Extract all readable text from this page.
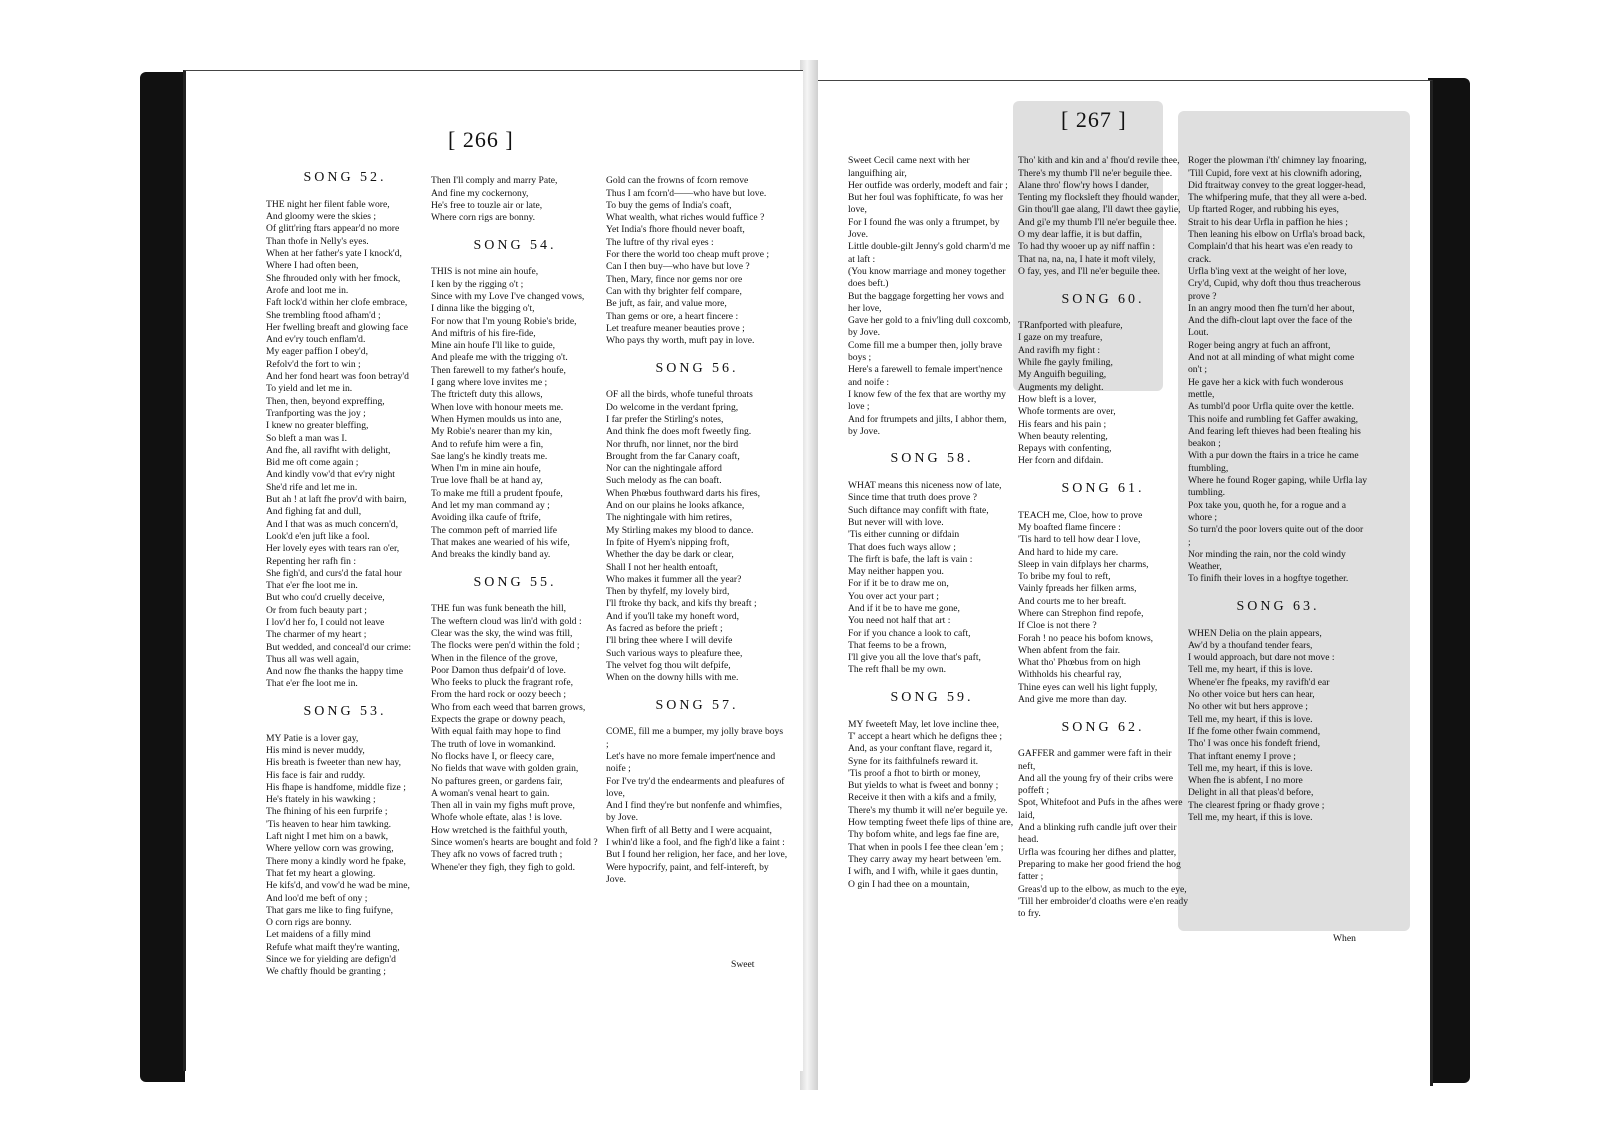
[ 266 ]

SONG 52.

THE night her filent fable wore,
And gloomy were the skies ;
Of glitt'ring ftars appear'd no more
Than thofe in Nelly's eyes.
When at her father's yate I knock'd,
Where I had often been,
She fhrouded only with her fmock,
Arofe and loot me in.
Faft lock'd within her clofe embrace,
She trembling ftood afham'd ;
Her fwelling breaft and glowing face
And ev'ry touch enflam'd.
My eager paffion I obey'd,
Refolv'd the fort to win ;
And her fond heart was foon betray'd
To yield and let me in.
Then, then, beyond expreffing,
Tranfporting was the joy ;
I knew no greater bleffing,
So bleft a man was I.
And fhe, all ravifht with delight,
Bid me oft come again ;
And kindly vow'd that ev'ry night
She'd rife and let me in.
But ah ! at laft fhe prov'd with bairn,
And fighing fat and dull,
And I that was as much concern'd,
Look'd e'en juft like a fool.
Her lovely eyes with tears ran o'er,
Repenting her rafh fin :
She figh'd, and curs'd the fatal hour
That e'er fhe loot me in.
But who cou'd cruelly deceive,
Or from fuch beauty part ;
I lov'd her fo, I could not leave
The charmer of my heart ;
But wedded, and conceal'd our crime:
Thus all was well again,
And now fhe thanks the happy time
That e'er fhe loot me in.

SONG 53.

MY Patie is a lover gay,
His mind is never muddy,
His breath is fweeter than new hay,
His face is fair and ruddy.
His fhape is handfome, middle fize ;
He's ftately in his wawking ;
The fhining of his een furprife ;
'Tis heaven to hear him tawking.
Laft night I met him on a bawk,
Where yellow corn was growing,
There mony a kindly word he fpake,
That fet my heart a glowing.
He kifs'd, and vow'd he wad be mine,
And loo'd me beft of ony ;
That gars me like to fing fuifyne,
O corn rigs are bonny.
Let maidens of a filly mind
Refufe what maift they're wanting,
Since we for yielding are defign'd
We chaftly fhould be granting ;

Then I'll comply and marry Pate,
And fine my cockernony,
He's free to touzle air or late,
Where corn rigs are bonny.

SONG 54.

THIS is not mine ain houfe,
I ken by the rigging o't ;
Since with my Love I've changed vows,
I dinna like the bigging o't,
For now that I'm young Robie's bride,
And miftris of his fire-fide,
Mine ain houfe I'll like to guide,
And pleafe me with the trigging o't.
Then farewell to my father's houfe,
I gang where love invites me ;
The ftricteft duty this allows,
When love with honour meets me.
When Hymen moulds us into ane,
My Robie's nearer than my kin,
And to refufe him were a fin,
Sae lang's he kindly treats me.
When I'm in mine ain houfe,
True love fhall be at hand ay,
To make me ftill a prudent fpoufe,
And let my man command ay ;
Avoiding ilka caufe of ftrife,
The common peft of married life
That makes ane wearied of his wife,
And breaks the kindly band ay.

SONG 55.

THE fun was funk beneath the hill,
The weftern cloud was lin'd with gold :
Clear was the sky, the wind was ftill,
The flocks were pen'd within the fold ;
When in the filence of the grove,
Poor Damon thus defpair'd of love.
Who feeks to pluck the fragrant rofe,
From the hard rock or oozy beech ;
Who from each weed that barren grows,
Expects the grape or downy peach,
With equal faith may hope to find
The truth of love in womankind.
No flocks have I, or fleecy care,
No fields that wave with golden grain,
No paftures green, or gardens fair,
A woman's venal heart to gain.
Then all in vain my fighs muft prove,
Whofe whole eftate, alas ! is love.
How wretched is the faithful youth,
Since women's hearts are bought and fold ?
They afk no vows of facred truth ;
Whene'er they figh, they figh to gold.

Gold can the frowns of fcorn remove
Thus I am fcorn'd——who have but love.
To buy the gems of India's coaft,
What wealth, what riches would fuffice ?
Yet India's fhore fhould never boaft,
The luftre of thy rival eyes :
For there the world too cheap muft prove ;
Can I then buy—who have but love ?
Then, Mary, fince nor gems nor ore
Can with thy brighter felf compare,
Be juft, as fair, and value more,
Than gems or ore, a heart fincere :
Let treafure meaner beauties prove ;
Who pays thy worth, muft pay in love.

SONG 56.

OF all the birds, whofe tuneful throats
Do welcome in the verdant fpring,
I far prefer the Stirling's notes,
And think fhe does moft fweetly fing.
Nor thrufh, nor linnet, nor the bird
Brought from the far Canary coaft,
Nor can the nightingale afford
Such melody as fhe can boaft.
When Phœbus fouthward darts his fires,
And on our plains he looks afkance,
The nightingale with him retires,
My Stirling makes my blood to dance.
In fpite of Hyem's nipping froft,
Whether the day be dark or clear,
Shall I not her health entoaft,
Who makes it fummer all the year?
Then by thyfelf, my lovely bird,
I'll ftroke thy back, and kifs thy breaft ;
And if you'll take my honeft word,
As facred as before the prieft ;
I'll bring thee where I will devife
Such various ways to pleafure thee,
The velvet fog thou wilt defpife,
When on the downy hills with me.

SONG 57.

COME, fill me a bumper, my jolly brave boys ;
Let's have no more female impert'nence and noife ;
For I've try'd the endearments and pleafures of love,
And I find they're but nonfenfe and whimfies, by Jove.
When firft of all Betty and I were acquaint,
I whin'd like a fool, and fhe figh'd like a faint :
But I found her religion, her face, and her love,
Were hypocrify, paint, and felf-intereft, by Jove.

Sweet
[ 267 ]

Sweet Cecil came next with her languifhing air,
Her outfide was orderly, modeft and fair ;
But her foul was fophifticate, fo was her love,
For I found fhe was only a ftrumpet, by Jove.
Little double-gilt Jenny's gold charm'd me at laft :
(You know marriage and money together does beft.)
But the baggage forgetting her vows and her love,
Gave her gold to a fniv'ling dull coxcomb, by Jove.
Come fill me a bumper then, jolly brave boys ;
Here's a farewell to female impert'nence and noife :
I know few of the fex that are worthy my love ;
And for ftrumpets and jilts, I abhor them, by Jove.

SONG 58.

WHAT means this niceness now of late,
Since time that truth does prove ?
Such diftance may confift with ftate,
But never will with love.
'Tis either cunning or difdain
That does fuch ways allow ;
The firft is bafe, the laft is vain :
May neither happen you.
For if it be to draw me on,
You over act your part ;
And if it be to have me gone,
You need not half that art :
For if you chance a look to caft,
That feems to be a frown,
I'll give you all the love that's paft,
The reft fhall be my own.

SONG 59.

MY fweeteft May, let love incline thee,
T' accept a heart which he defigns thee ;
And, as your conftant flave, regard it,
Syne for its faithfulnefs reward it.
'Tis proof a fhot to birth or money,
But yields to what is fweet and bonny ;
Receive it then with a kifs and a fmily,
There's my thumb it will ne'er beguile ye.
How tempting fweet thefe lips of thine are,
Thy bofom white, and legs fae fine are,
That when in pools I fee thee clean 'em ;
They carry away my heart between 'em.
I wifh, and I wifh, while it gaes duntin,
O gin I had thee on a mountain,

Tho' kith and kin and a' fhou'd revile thee,
There's my thumb I'll ne'er beguile thee.
Alane thro' flow'ry hows I dander,
Tenting my flocksleft they fhould wander,
Gin thou'll gae alang, I'll dawt thee gaylie,
And gi'e my thumb I'll ne'er beguile thee.
O my dear laffie, it is but daffin,
To had thy wooer up ay niff naffin :
That na, na, na, I hate it moft vilely,
O fay, yes, and I'll ne'er beguile thee.

SONG 60.

TRanfported with pleafure,
I gaze on my treafure,
And ravifh my fight :
While fhe gayly fmiling,
My Anguifh beguiling,
Augments my delight.
How bleft is a lover,
Whofe torments are over,
His fears and his pain ;
When beauty relenting,
Repays with confenting,
Her fcorn and difdain.

SONG 61.

TEACH me, Cloe, how to prove
My boafted flame fincere :
'Tis hard to tell how dear I love,
And hard to hide my care.
Sleep in vain difplays her charms,
To bribe my foul to reft,
Vainly fpreads her filken arms,
And courts me to her breaft.
Where can Strephon find repofe,
If Cloe is not there ?
Forah ! no peace his bofom knows,
When abfent from the fair.
What tho' Phœbus from on high
Withholds his chearful ray,
Thine eyes can well his light fupply,
And give me more than day.

SONG 62.

GAFFER and gammer were faft in their neft,
And all the young fry of their cribs were poffeft ;
Spot, Whitefoot and Pufs in the afhes were laid,
And a blinking rufh candle juft over their head.
Urfla was fcouring her difhes and platter,
Preparing to make her good friend the hog fatter ;
Greas'd up to the elbow, as much to the eye,
'Till her embroider'd cloaths were e'en ready to fry.

Roger the plowman i'th' chimney lay fnoaring,
'Till Cupid, fore vext at his clownifh adoring,
Did ftraitway convey to the great logger-head,
The whifpering mufe, that they all were a-bed.
Up ftarted Roger, and rubbing his eyes,
Strait to his dear Urfla in paffion he hies ;
Then leaning his elbow on Urfla's broad back,
Complain'd that his heart was e'en ready to crack.
Urfla b'ing vext at the weight of her love,
Cry'd, Cupid, why doft thou thus treacherous prove ?
In an angry mood then fhe turn'd her about,
And the difh-clout lapt over the face of the Lout.
Roger being angry at fuch an affront,
And not at all minding of what might come on't ;
He gave her a kick with fuch wonderous mettle,
As tumbl'd poor Urfla quite over the kettle.
This noife and rumbling fet Gaffer awaking,
And fearing left thieves had been ftealing his beakon ;
With a pur down the ftairs in a trice he came ftumbling,
Where he found Roger gaping, while Urfla lay tumbling.
Pox take you, quoth he, for a rogue and a whore ;
So turn'd the poor lovers quite out of the door ;
Nor minding the rain, nor the cold windy Weather,
To finifh their loves in a hogftye together.

SONG 63.

WHEN Delia on the plain appears,
Aw'd by a thoufand tender fears,
I would approach, but dare not move :
Tell me, my heart, if this is love.
Whene'er fhe fpeaks, my ravifh'd ear
No other voice but hers can hear,
No other wit but hers approve ;
Tell me, my heart, if this is love.
If fhe fome other fwain commend,
Tho' I was once his fondeft friend,
That inftant enemy I prove ;
Tell me, my heart, if this is love.
When fhe is abfent, I no more
Delight in all that pleas'd before,
The clearest fpring or fhady grove ;
Tell me, my heart, if this is love.

When
